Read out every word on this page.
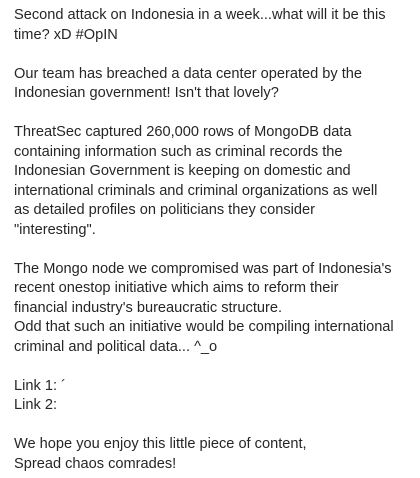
Second attack on Indonesia in a week...what will it be this
time? xD #OpIN

Our team has breached a data center operated by the
Indonesian government! Isn't that lovely?

ThreatSec captured 260,000 rows of MongoDB data
containing information such as criminal records the
Indonesian Government is keeping on domestic and
international criminals and criminal organizations as well
as detailed profiles on politicians they consider
"interesting".

The Mongo node we compromised was part of Indonesia's
recent onestop initiative which aims to reform their
financial industry's bureaucratic structure.
Odd that such an initiative would be compiling international
criminal and political data... ^_o

Link 1: ´
Link 2:

We hope you enjoy this little piece of content,
Spread chaos comrades!
